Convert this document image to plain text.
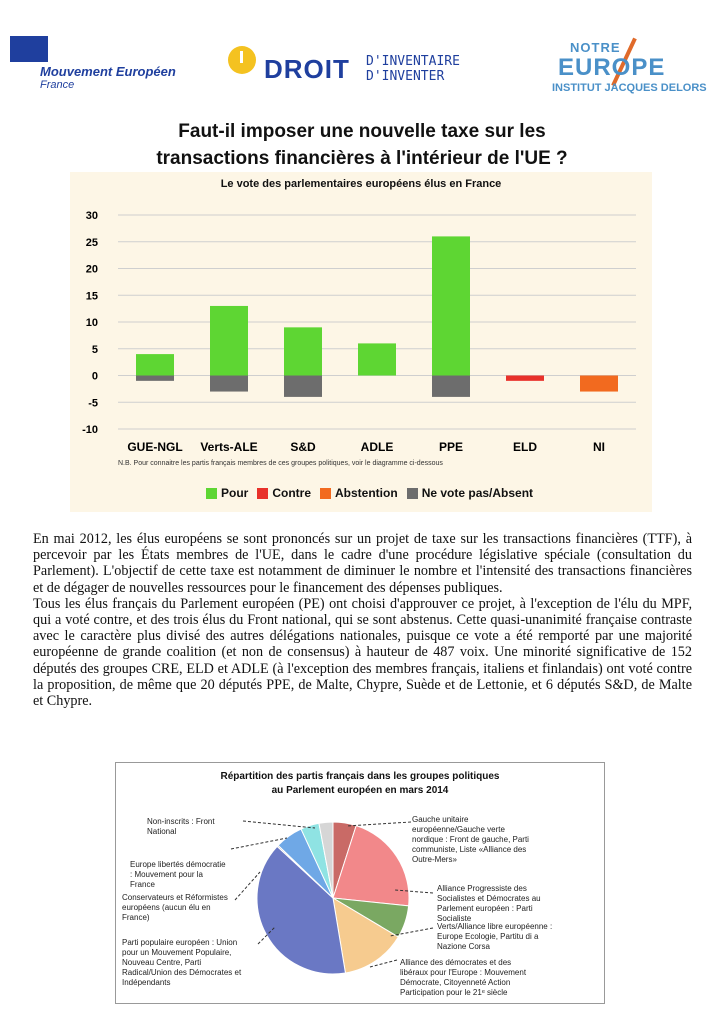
Mouvement Européen
France
DROIT D'INVENTAIRE
D'INVENTER
NOTRE
EUROPE
INSTITUT JACQUES DELORS
Faut-il imposer une nouvelle taxe sur les
transactions financières à l'intérieur de l'UE ?
Le vote des parlementaires européens élus en France
30
25
20
15
10
5
0
-5
-10
GUE-NGL Verts-ALE	S&D	ADLE	PPE	ELD	NI
N.B. Pour connaitre les partis français membres de ces groupes politiques, voir le diagramme ci-dessous
Pour Contre Abstention Ne vote pas/Absent

En mai 2012, les élus européens se sont prononcés sur un projet de taxe sur les transactions financières (TTF), à percevoir par les États membres de l'UE, dans le cadre d'une procédure législative spéciale (consultation du Parlement). L'objectif de cette taxe est notamment de diminuer le nombre et l'intensité des transactions financières et de dégager de nouvelles ressources pour le financement des dépenses publiques.

Tous les élus français du Parlement européen (PE) ont choisi d'approuver ce projet, à l'exception de l'élu du MPF, qui a voté contre, et des trois élus du Front national, qui se sont abstenus. Cette quasi-unanimité française contraste avec le caractère plus divisé des autres délégations nationales, puisque ce vote a été remporté par une majorité européenne de grande coalition (et non de consensus) à hauteur de 487 voix. Une minorité significative de 152 députés des groupes CRE, ELD et ADLE (à l'exception des membres français, italiens et finlandais) ont voté contre la proposition, de même que 20 députés PPE, de Malte, Chypre, Suède et de Lettonie, et 6 députés S&D, de Malte et Chypre.

Répartition des partis français dans les groupes politiques
au Parlement européen en mars 2014
Non-inscrits : Front National
Europe libertés démocratie : Mouvement pour la France
Conservateurs et Réformistes européens (aucun élu en France)
Parti populaire européen : Union pour un Mouvement Populaire, Nouveau Centre, Parti Radical/Union des Démocrates et Indépendants
Gauche unitaire européenne/Gauche verte nordique : Front de gauche, Parti communiste, Liste «Alliance des Outre-Mers»
Alliance Progressiste des Socialistes et Démocrates au Parlement européen : Parti Socialiste
Verts/Alliance libre européenne : Europe Ecologie, Partitu di a Nazione Corsa
Alliance des démocrates et des libéraux pour l'Europe : Mouvement Démocrate, Citoyenneté Action Participation pour le 21ᵉ siècle
